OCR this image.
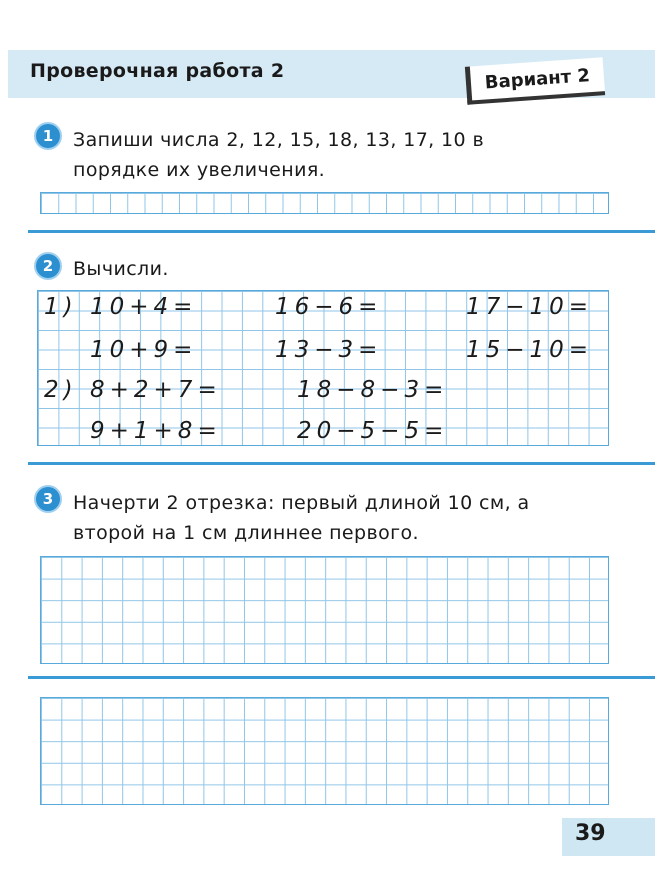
Проверочная работа 2	Вариант 2
1	Запиши числа 2, 12, 15, 18, 13, 17, 10 в
порядке их увеличения.
2	Вычисли.
1) 10+4=	16−6=	17−10=
10+9=	13−3=	15−10=
2) 8+2+7=	18−8−3=
9+1+8=	20−5−5=
3	Начерти 2 отрезка: первый длиной 10 см, а
второй на 1 см длиннее первого.
39
